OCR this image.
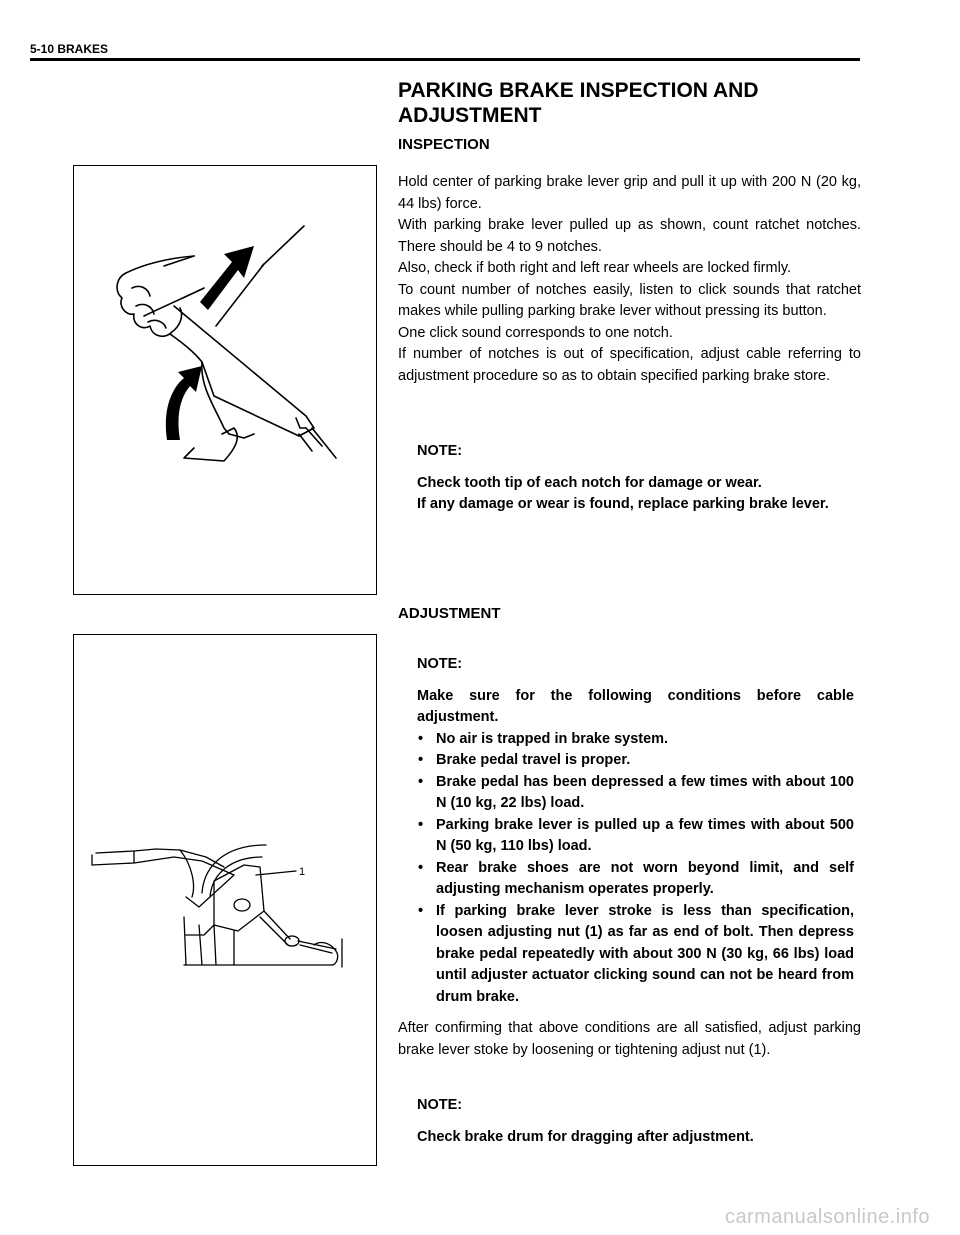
5-10 BRAKES
PARKING BRAKE INSPECTION AND ADJUSTMENT
INSPECTION

Hold center of parking brake lever grip and pull it up with 200 N (20 kg, 44 lbs) force.

With parking brake lever pulled up as shown, count ratchet notches. There should be 4 to 9 notches.

Also, check if both right and left rear wheels are locked firmly.

To count number of notches easily, listen to click sounds that ratchet makes while pulling parking brake lever without pressing its button.

One click sound corresponds to one notch.

If number of notches is out of specification, adjust cable referring to adjustment procedure so as to obtain specified parking brake store.

NOTE:

Check tooth tip of each notch for damage or wear.

If any damage or wear is found, replace parking brake lever.

ADJUSTMENT
1
NOTE:

Make sure for the following conditions before cable adjustment.

• No air is trapped in brake system.
• Brake pedal travel is proper.
• Brake pedal has been depressed a few times with about 100 N (10 kg, 22 lbs) load.
• Parking brake lever is pulled up a few times with about 500 N (50 kg, 110 lbs) load.
• Rear brake shoes are not worn beyond limit, and self adjusting mechanism operates properly.
• If parking brake lever stroke is less than specification, loosen adjusting nut (1) as far as end of bolt. Then depress brake pedal repeatedly with about 300 N (30 kg, 66 lbs) load until adjuster actuator clicking sound can not be heard from drum brake.

After confirming that above conditions are all satisfied, adjust parking brake lever stoke by loosening or tightening adjust nut (1).

NOTE:

Check brake drum for dragging after adjustment.

carmanualsonline.info
